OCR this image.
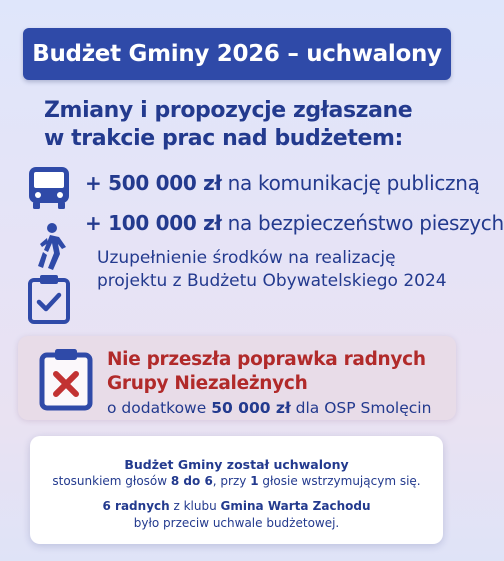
Budżet Gminy 2026 – uchwalony
Zmiany i propozycje zgłaszane
w trakcie prac nad budżetem:
+ 500 000 zł na komunikację publiczną
+ 100 000 zł na bezpieczeństwo pieszych
Uzupełnienie środków na realizację
projektu z Budżetu Obywatelskiego 2024
Nie przeszła poprawka radnych
Grupy Niezależnych
o dodatkowe 50 000 zł dla OSP Smolęcin
Budżet Gminy został uchwalony
stosunkiem głosów 8 do 6, przy 1 głosie wstrzymującym się.
6 radnych z klubu Gmina Warta Zachodu
było przeciw uchwale budżetowej.
